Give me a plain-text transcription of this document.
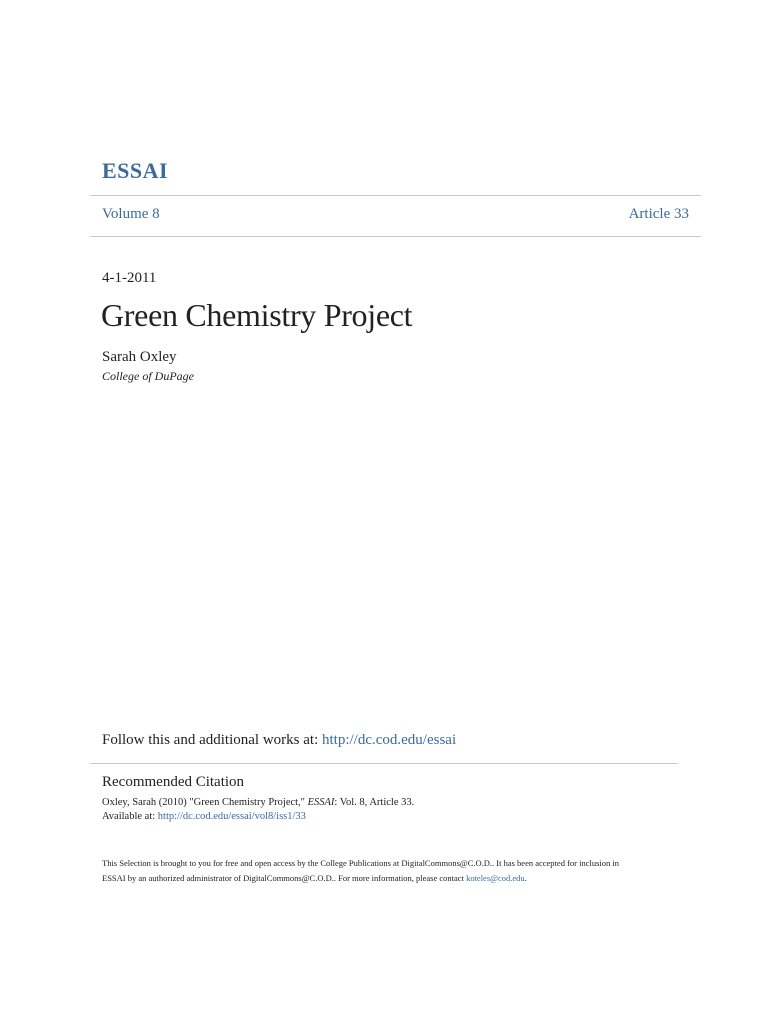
ESSAI
Volume 8	Article 33
4-1-2011
Green Chemistry Project
Sarah Oxley
College of DuPage
Follow this and additional works at: http://dc.cod.edu/essai
Recommended Citation
Oxley, Sarah (2010) "Green Chemistry Project," ESSAI: Vol. 8, Article 33.
Available at: http://dc.cod.edu/essai/vol8/iss1/33
This Selection is brought to you for free and open access by the College Publications at DigitalCommons@C.O.D.. It has been accepted for inclusion in
ESSAI by an authorized administrator of DigitalCommons@C.O.D.. For more information, please contact koteles@cod.edu.
